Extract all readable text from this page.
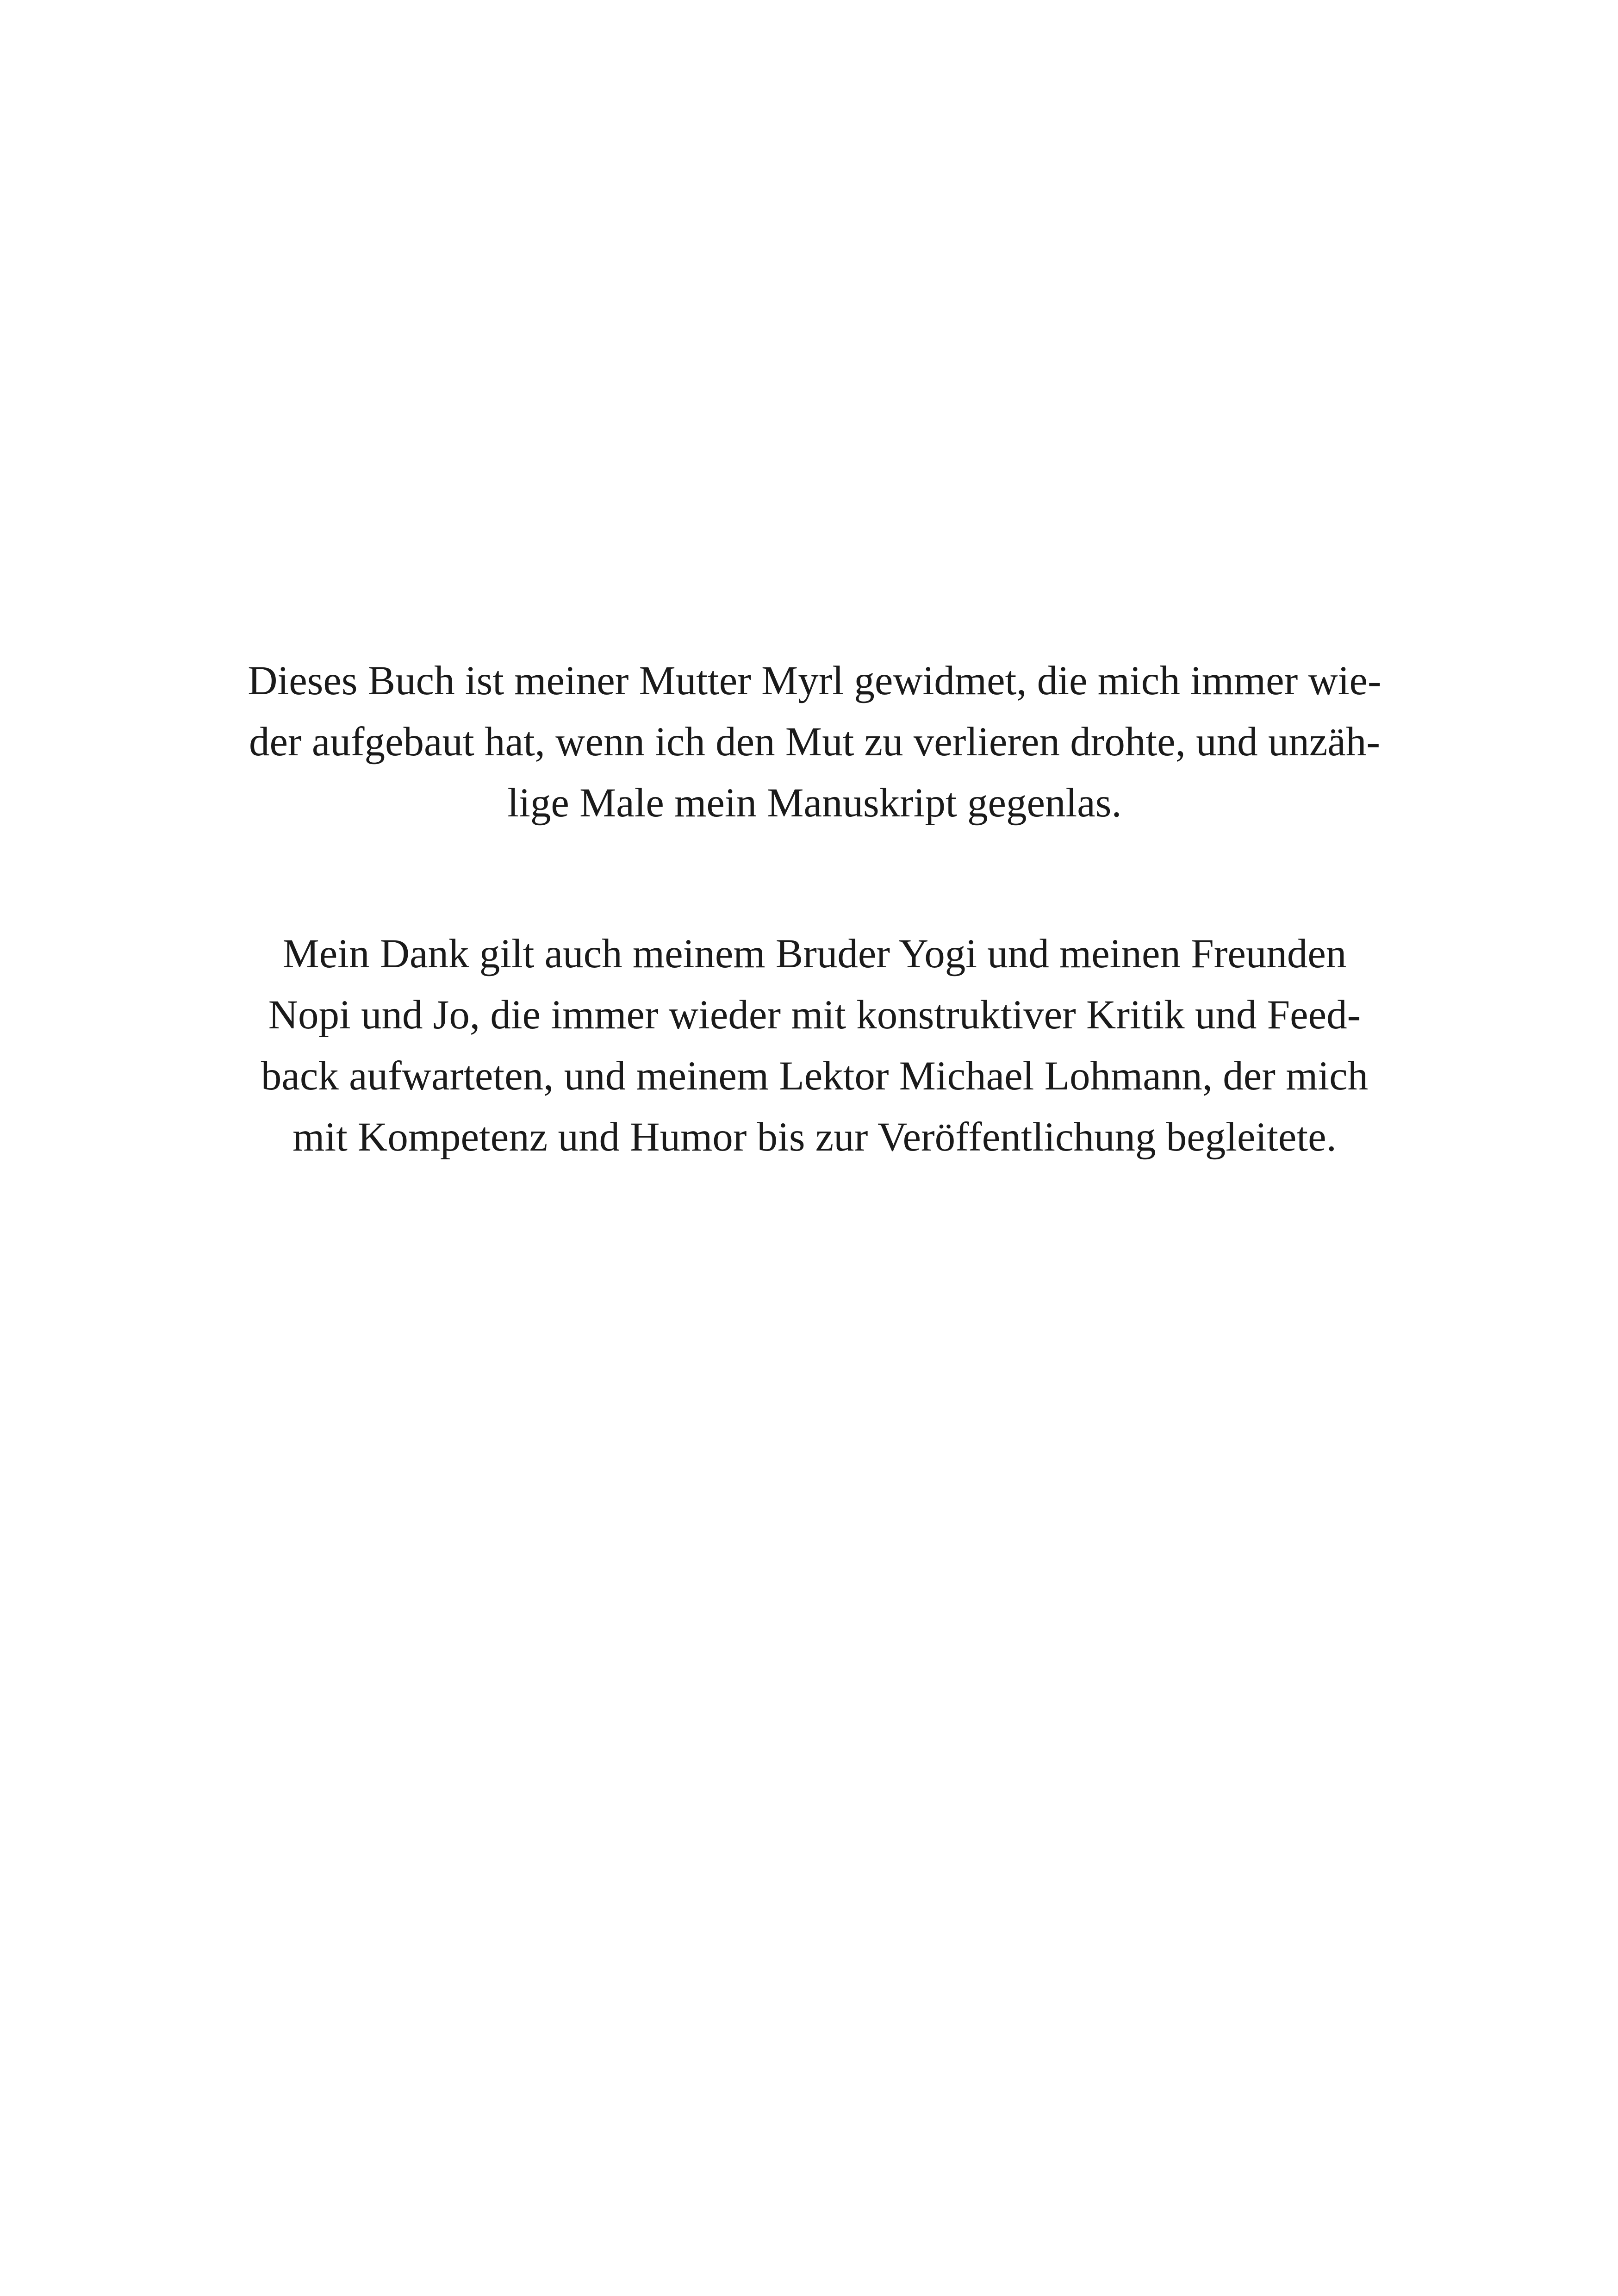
Dieses Buch ist meiner Mutter Myrl gewidmet, die mich immer wie-
der aufgebaut hat, wenn ich den Mut zu verlieren drohte, und unzäh-
lige Male mein Manuskript gegenlas.
Mein Dank gilt auch meinem Bruder Yogi und meinen Freunden
Nopi und Jo, die immer wieder mit konstruktiver Kritik und Feed-
back aufwarteten, und meinem Lektor Michael Lohmann, der mich
mit Kompetenz und Humor bis zur Veröffentlichung begleitete.
